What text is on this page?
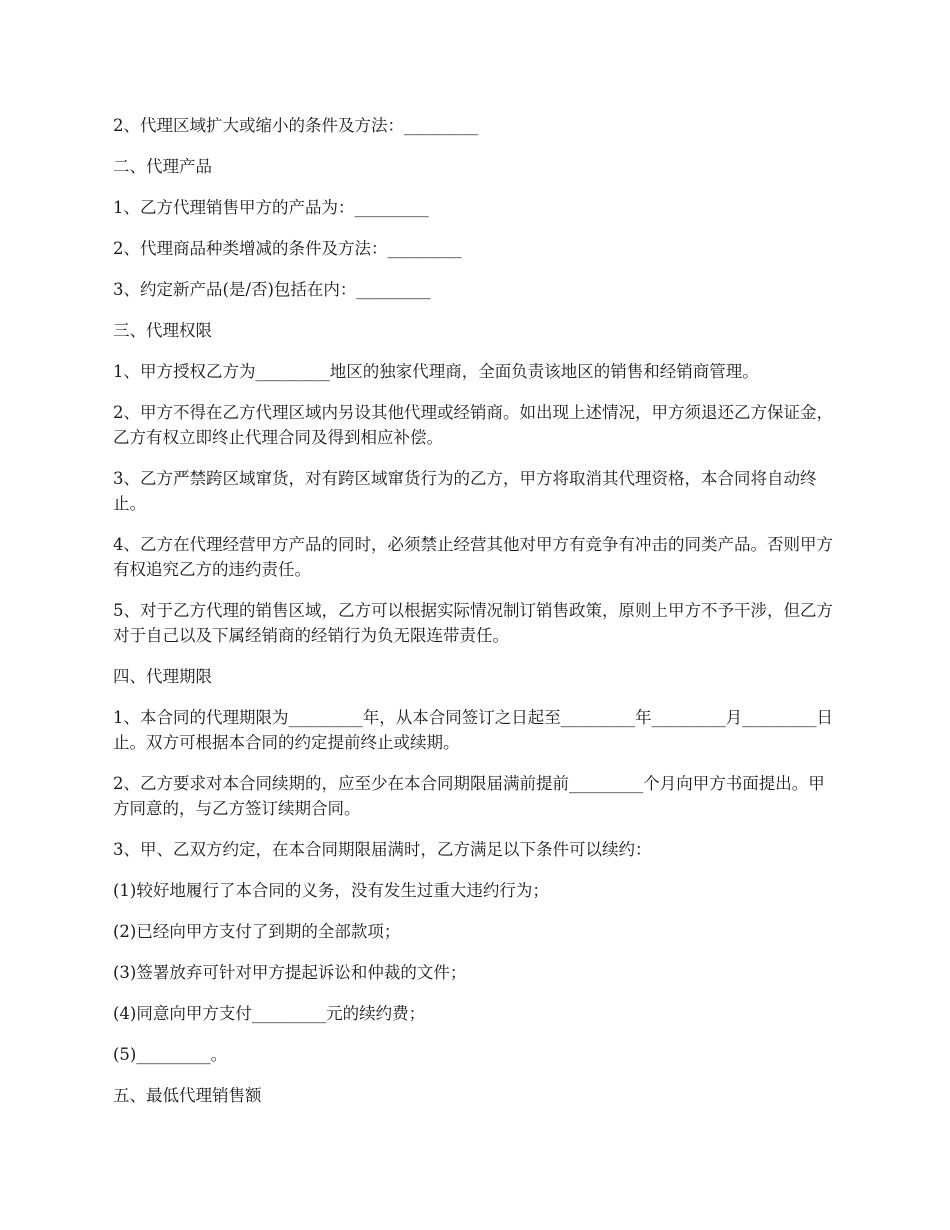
2、代理区域扩大或缩小的条件及方法：_________

二、代理产品

1、乙方代理销售甲方的产品为：_________

2、代理商品种类增减的条件及方法：_________

3、约定新产品(是/否)包括在内：_________

三、代理权限

1、甲方授权乙方为_________地区的独家代理商，全面负责该地区的销售和经销商管理。

2、甲方不得在乙方代理区域内另设其他代理或经销商。如出现上述情况，甲方须退还乙方保证金，乙方有权立即终止代理合同及得到相应补偿。

3、乙方严禁跨区域窜货，对有跨区域窜货行为的乙方，甲方将取消其代理资格，本合同将自动终止。

4、乙方在代理经营甲方产品的同时，必须禁止经营其他对甲方有竞争有冲击的同类产品。否则甲方有权追究乙方的违约责任。

5、对于乙方代理的销售区域，乙方可以根据实际情况制订销售政策，原则上甲方不予干涉，但乙方对于自己以及下属经销商的经销行为负无限连带责任。

四、代理期限

1、本合同的代理期限为_________年，从本合同签订之日起至_________年_________月_________日止。双方可根据本合同的约定提前终止或续期。

2、乙方要求对本合同续期的，应至少在本合同期限届满前提前_________个月向甲方书面提出。甲方同意的，与乙方签订续期合同。

3、甲、乙双方约定，在本合同期限届满时，乙方满足以下条件可以续约：

(1)较好地履行了本合同的义务，没有发生过重大违约行为；

(2)已经向甲方支付了到期的全部款项；

(3)签署放弃可针对甲方提起诉讼和仲裁的文件；

(4)同意向甲方支付_________元的续约费；

(5)_________。

五、最低代理销售额
